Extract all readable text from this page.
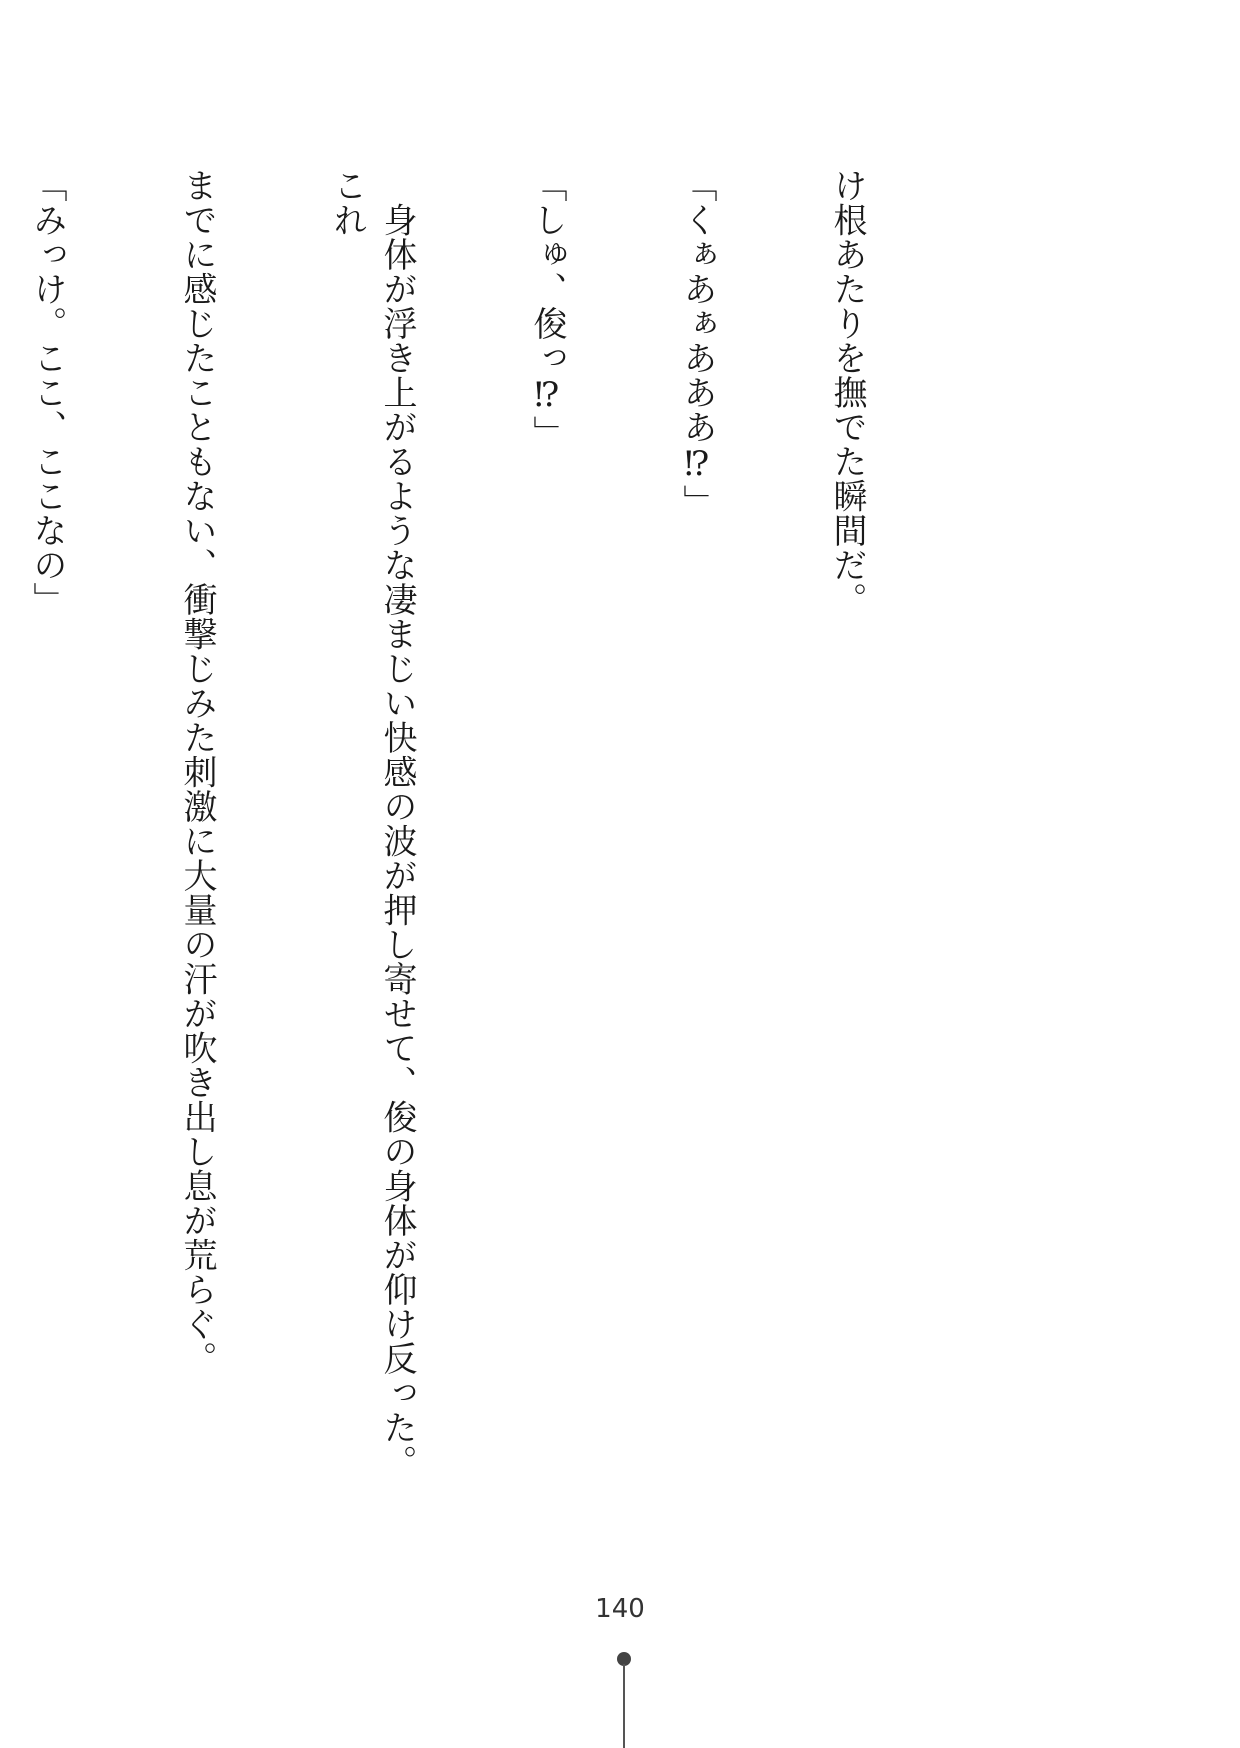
け根あたりを撫でた瞬間だ。

「くぁあぁあああ⁉」

「しゅ、俊っ⁉」

　身体が浮き上がるような凄まじい快感の波が押し寄せて、俊の身体が仰け反った。これ

までに感じたこともない、衝撃じみた刺激に大量の汗が吹き出し息が荒らぐ。

「みっけ。ここ、ここなの」

140
